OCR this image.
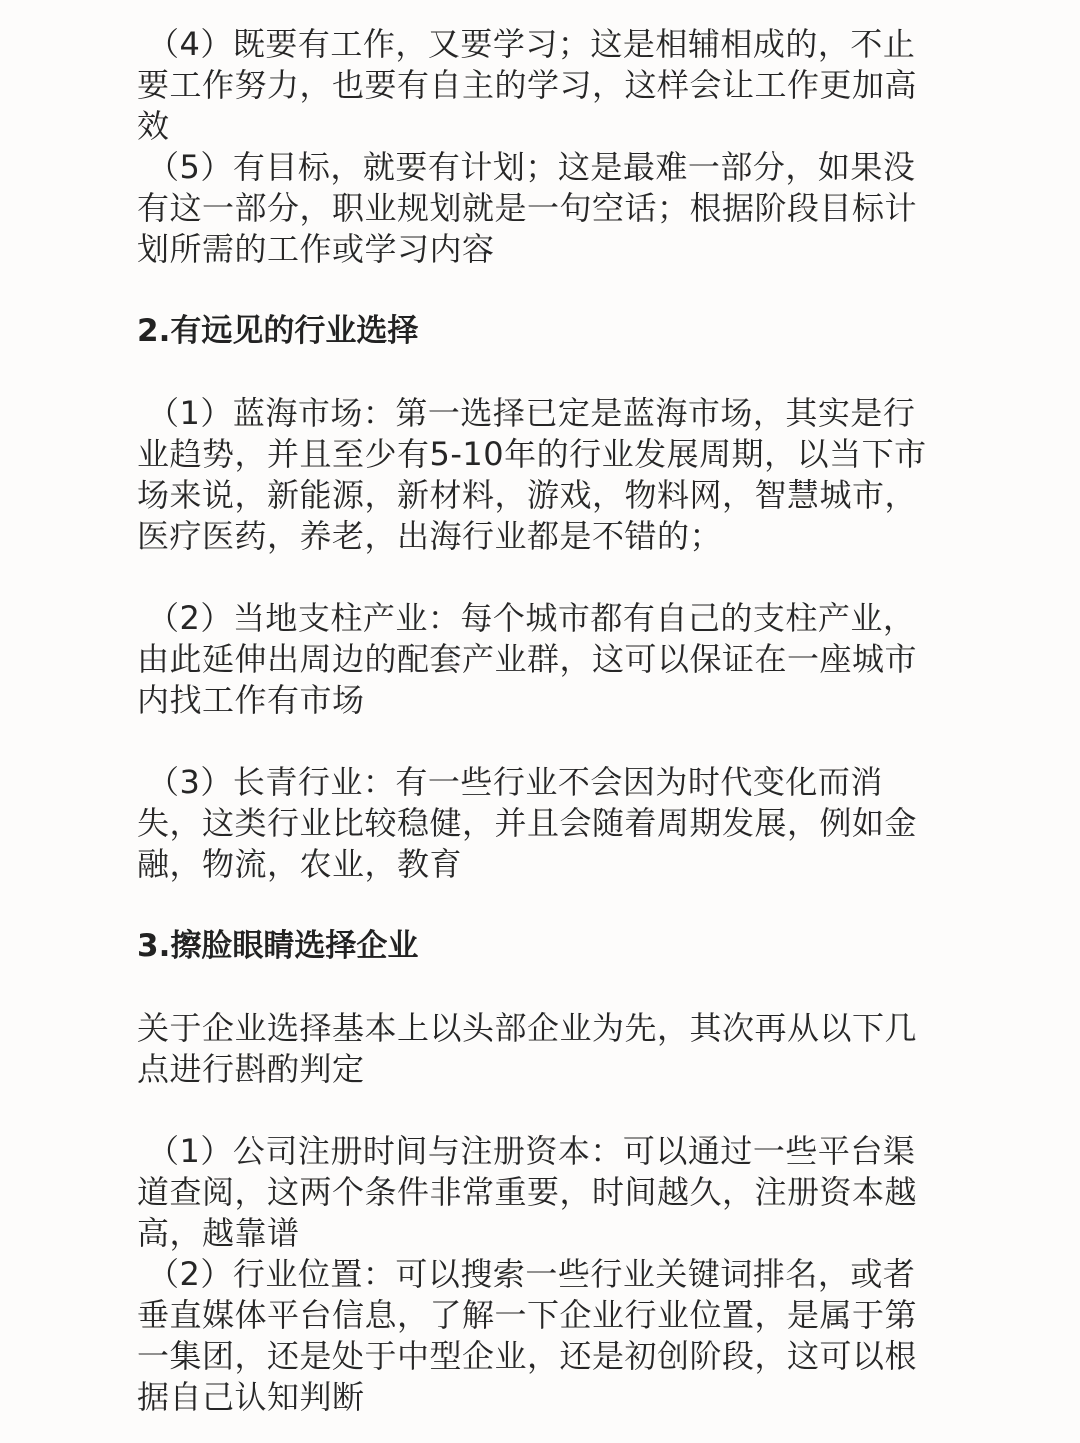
（4）既要有工作，又要学习；这是相辅相成的，不止要工作努力，也要有自主的学习，这样会让工作更加高效
（5）有目标，就要有计划；这是最难一部分，如果没有这一部分，职业规划就是一句空话；根据阶段目标计划所需的工作或学习内容

2.有远见的行业选择

（1）蓝海市场：第一选择已定是蓝海市场，其实是行业趋势，并且至少有5-10年的行业发展周期，以当下市场来说，新能源，新材料，游戏，物料网，智慧城市，医疗医药，养老，出海行业都是不错的；

（2）当地支柱产业：每个城市都有自己的支柱产业，由此延伸出周边的配套产业群，这可以保证在一座城市内找工作有市场

（3）长青行业：有一些行业不会因为时代变化而消失，这类行业比较稳健，并且会随着周期发展，例如金融，物流，农业，教育

3.擦脸眼睛选择企业

关于企业选择基本上以头部企业为先，其次再从以下几点进行斟酌判定

（1）公司注册时间与注册资本：可以通过一些平台渠道查阅，这两个条件非常重要，时间越久，注册资本越高，越靠谱
（2）行业位置：可以搜索一些行业关键词排名，或者垂直媒体平台信息，了解一下企业行业位置，是属于第一集团，还是处于中型企业，还是初创阶段，这可以根据自己认知判断
